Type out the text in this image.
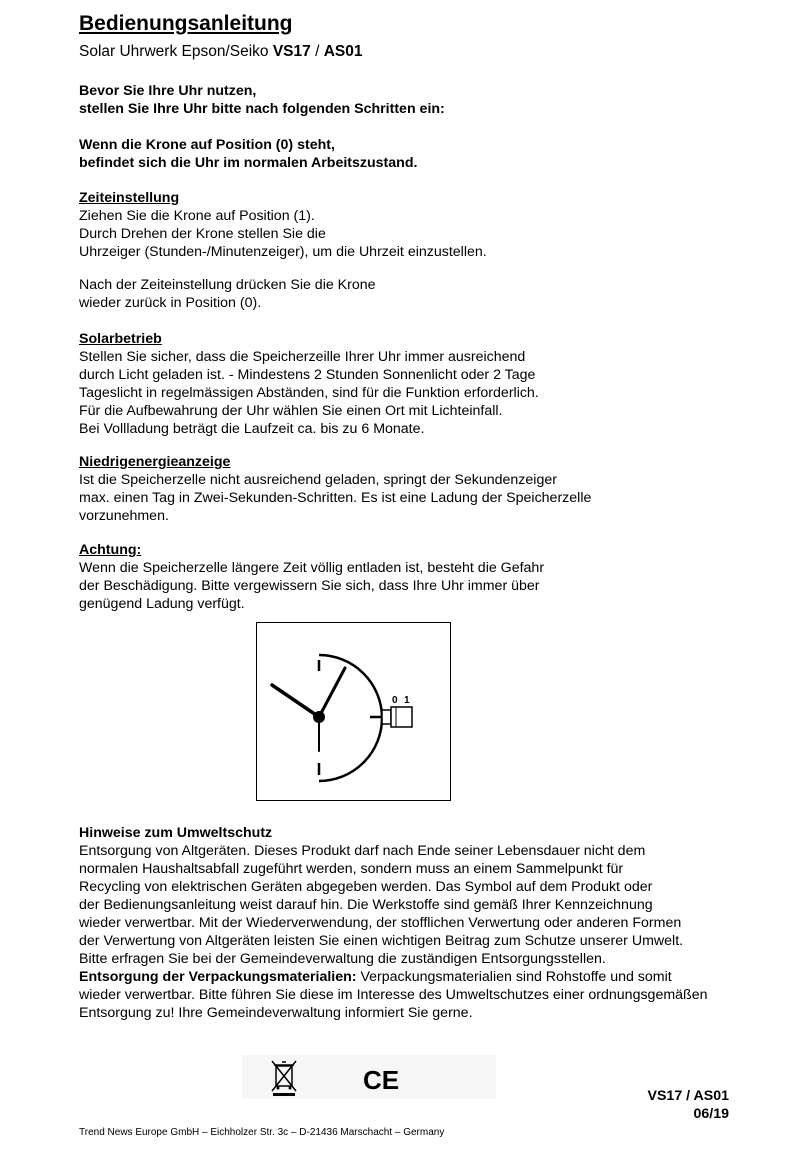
Bedienungsanleitung
Solar Uhrwerk Epson/Seiko VS17 / AS01
Bevor Sie Ihre Uhr nutzen,
stellen Sie Ihre Uhr bitte nach folgenden Schritten ein:
Wenn die Krone auf Position (0) steht,
befindet sich die Uhr im normalen Arbeitszustand.
Zeiteinstellung
Ziehen Sie die Krone auf Position (1).
Durch Drehen der Krone stellen Sie die
Uhrzeiger (Stunden-/Minutenzeiger), um die Uhrzeit einzustellen.
Nach der Zeiteinstellung drücken Sie die Krone
wieder zurück in Position (0).
Solarbetrieb
Stellen Sie sicher, dass die Speicherzeille Ihrer Uhr immer ausreichend
durch Licht geladen ist. - Mindestens 2 Stunden Sonnenlicht oder 2 Tage
Tageslicht in regelmässigen Abständen, sind für die Funktion erforderlich.
Für die Aufbewahrung der Uhr wählen Sie einen Ort mit Lichteinfall.
Bei Vollladung beträgt die Laufzeit ca. bis zu 6 Monate.
Niedrigenergieanzeige
Ist die Speicherzelle nicht ausreichend geladen, springt der Sekundenzeiger
max. einen Tag in Zwei-Sekunden-Schritten. Es ist eine Ladung der Speicherzelle
vorzunehmen.
Achtung:
Wenn die Speicherzelle längere Zeit völlig entladen ist, besteht die Gefahr
der Beschädigung. Bitte vergewissern Sie sich, dass Ihre Uhr immer über
genügend Ladung verfügt.
0 1
Hinweise zum Umweltschutz
Entsorgung von Altgeräten. Dieses Produkt darf nach Ende seiner Lebensdauer nicht dem
normalen Haushaltsabfall zugeführt werden, sondern muss an einem Sammelpunkt für
Recycling von elektrischen Geräten abgegeben werden. Das Symbol auf dem Produkt oder
der Bedienungsanleitung weist darauf hin. Die Werkstoffe sind gemäß Ihrer Kennzeichnung
wieder verwertbar. Mit der Wiederverwendung, der stofflichen Verwertung oder anderen Formen
der Verwertung von Altgeräten leisten Sie einen wichtigen Beitrag zum Schutze unserer Umwelt.
Bitte erfragen Sie bei der Gemeindeverwaltung die zuständigen Entsorgungsstellen.
Entsorgung der Verpackungsmaterialien: Verpackungsmaterialien sind Rohstoffe und somit
wieder verwertbar. Bitte führen Sie diese im Interesse des Umweltschutzes einer ordnungsgemäßen
Entsorgung zu! Ihre Gemeindeverwaltung informiert Sie gerne.
CE
VS17 / AS01
06/19
Trend News Europe GmbH – Eichholzer Str. 3c – D-21436 Marschacht – Germany
